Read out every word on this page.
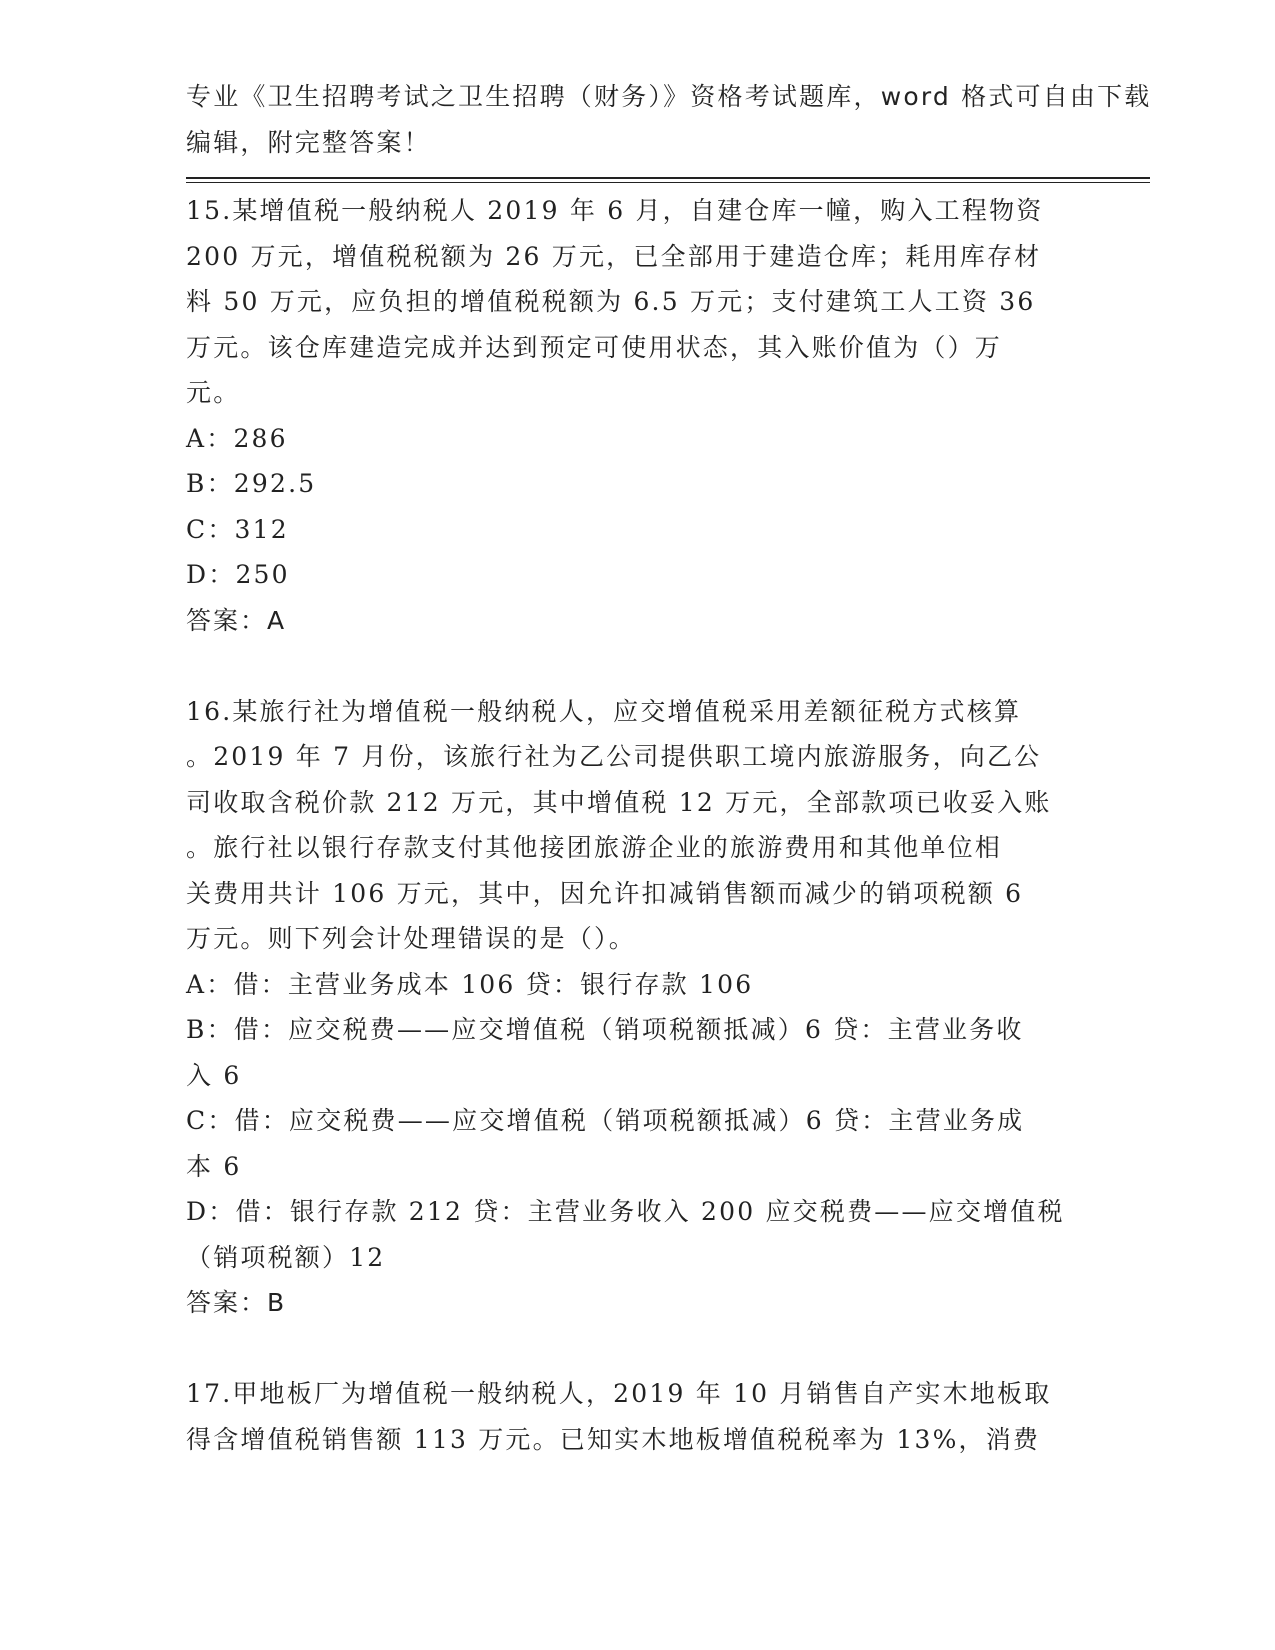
专业《卫生招聘考试之卫生招聘（财务）》资格考试题库，word 格式可自由下载
编辑，附完整答案！
15.某增值税一般纳税人 2019 年 6 月，自建仓库一幢，购入工程物资
200 万元，增值税税额为 26 万元，已全部用于建造仓库；耗用库存材
料 50 万元，应负担的增值税税额为 6.5 万元；支付建筑工人工资 36
万元。该仓库建造完成并达到预定可使用状态，其入账价值为（）万
元。
A：286
B：292.5
C：312
D：250
答案：A
16.某旅行社为增值税一般纳税人，应交增值税采用差额征税方式核算
。2019 年 7 月份，该旅行社为乙公司提供职工境内旅游服务，向乙公
司收取含税价款 212 万元，其中增值税 12 万元，全部款项已收妥入账
。旅行社以银行存款支付其他接团旅游企业的旅游费用和其他单位相
关费用共计 106 万元，其中，因允许扣减销售额而减少的销项税额 6
万元。则下列会计处理错误的是（）。
A：借：主营业务成本 106 贷：银行存款 106
B：借：应交税费——应交增值税（销项税额抵减）6 贷：主营业务收
入 6
C：借：应交税费——应交增值税（销项税额抵减）6 贷：主营业务成
本 6
D：借：银行存款 212 贷：主营业务收入 200 应交税费——应交增值税
（销项税额）12
答案：B
17.甲地板厂为增值税一般纳税人，2019 年 10 月销售自产实木地板取
得含增值税销售额 113 万元。已知实木地板增值税税率为 13%，消费
